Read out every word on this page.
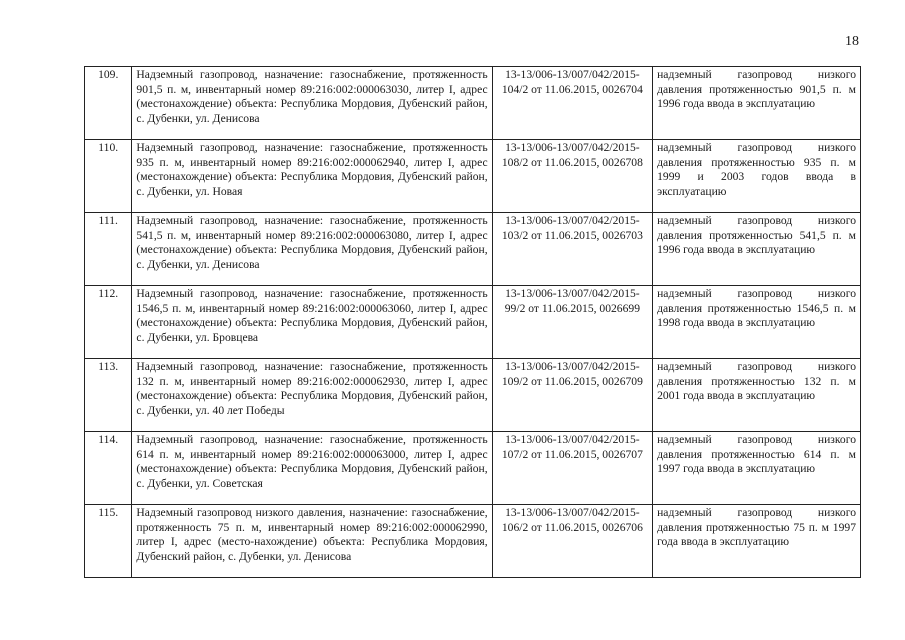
18
109.	Надземный газопровод, назначение: газоснабжение, протяженность 901,5 п. м, инвентарный номер 89:216:002:000063030, литер I, адрес (местонахождение) объекта: Республика Мордовия, Дубенский район, с. Дубенки, ул. Денисова	13-13/006-13/007/042/2015-104/2 от 11.06.2015, 0026704	надземный газопровод низкого давления протяженностью 901,5 п. м 1996 года ввода в эксплуатацию
110.	Надземный газопровод, назначение: газоснабжение, протяженность 935 п. м, инвентарный номер 89:216:002:000062940, литер I, адрес (местонахождение) объекта: Республика Мордовия, Дубенский район, с. Дубенки, ул. Новая	13-13/006-13/007/042/2015-108/2 от 11.06.2015, 0026708	надземный газопровод низкого давления протяженностью 935 п. м 1999 и 2003 годов ввода в эксплуатацию
111.	Надземный газопровод, назначение: газоснабжение, протяженность 541,5 п. м, инвентарный номер 89:216:002:000063080, литер I, адрес (местонахождение) объекта: Республика Мордовия, Дубенский район, с. Дубенки, ул. Денисова	13-13/006-13/007/042/2015-103/2 от 11.06.2015, 0026703	надземный газопровод низкого давления протяженностью 541,5 п. м 1996 года ввода в эксплуатацию
112.	Надземный газопровод, назначение: газоснабжение, протяженность 1546,5 п. м, инвентарный номер 89:216:002:000063060, литер I, адрес (местонахождение) объекта: Республика Мордовия, Дубенский район, с. Дубенки, ул. Бровцева	13-13/006-13/007/042/2015-99/2 от 11.06.2015, 0026699	надземный газопровод низкого давления протяженностью 1546,5 п. м 1998 года ввода в эксплуатацию
113.	Надземный газопровод, назначение: газоснабжение, протяженность 132 п. м, инвентарный номер 89:216:002:000062930, литер I, адрес (местонахождение) объекта: Республика Мордовия, Дубенский район, с. Дубенки, ул. 40 лет Победы	13-13/006-13/007/042/2015-109/2 от 11.06.2015, 0026709	надземный газопровод низкого давления протяженностью 132 п. м 2001 года ввода в эксплуатацию
114.	Надземный газопровод, назначение: газоснабжение, протяженность 614 п. м, инвентарный номер 89:216:002:000063000, литер I, адрес (местонахождение) объекта: Республика Мордовия, Дубенский район, с. Дубенки, ул. Советская	13-13/006-13/007/042/2015-107/2 от 11.06.2015, 0026707	надземный газопровод низкого давления протяженностью 614 п. м 1997 года ввода в эксплуатацию
115.	Надземный газопровод низкого давления, назначение: газоснабжение, протяженность 75 п. м, инвентарный номер 89:216:002:000062990, литер I, адрес (место-нахождение) объекта: Республика Мордовия, Дубенский район, с. Дубенки, ул. Денисова	13-13/006-13/007/042/2015-106/2 от 11.06.2015, 0026706	надземный газопровод низкого давления протяженностью 75 п. м 1997 года ввода в эксплуатацию
